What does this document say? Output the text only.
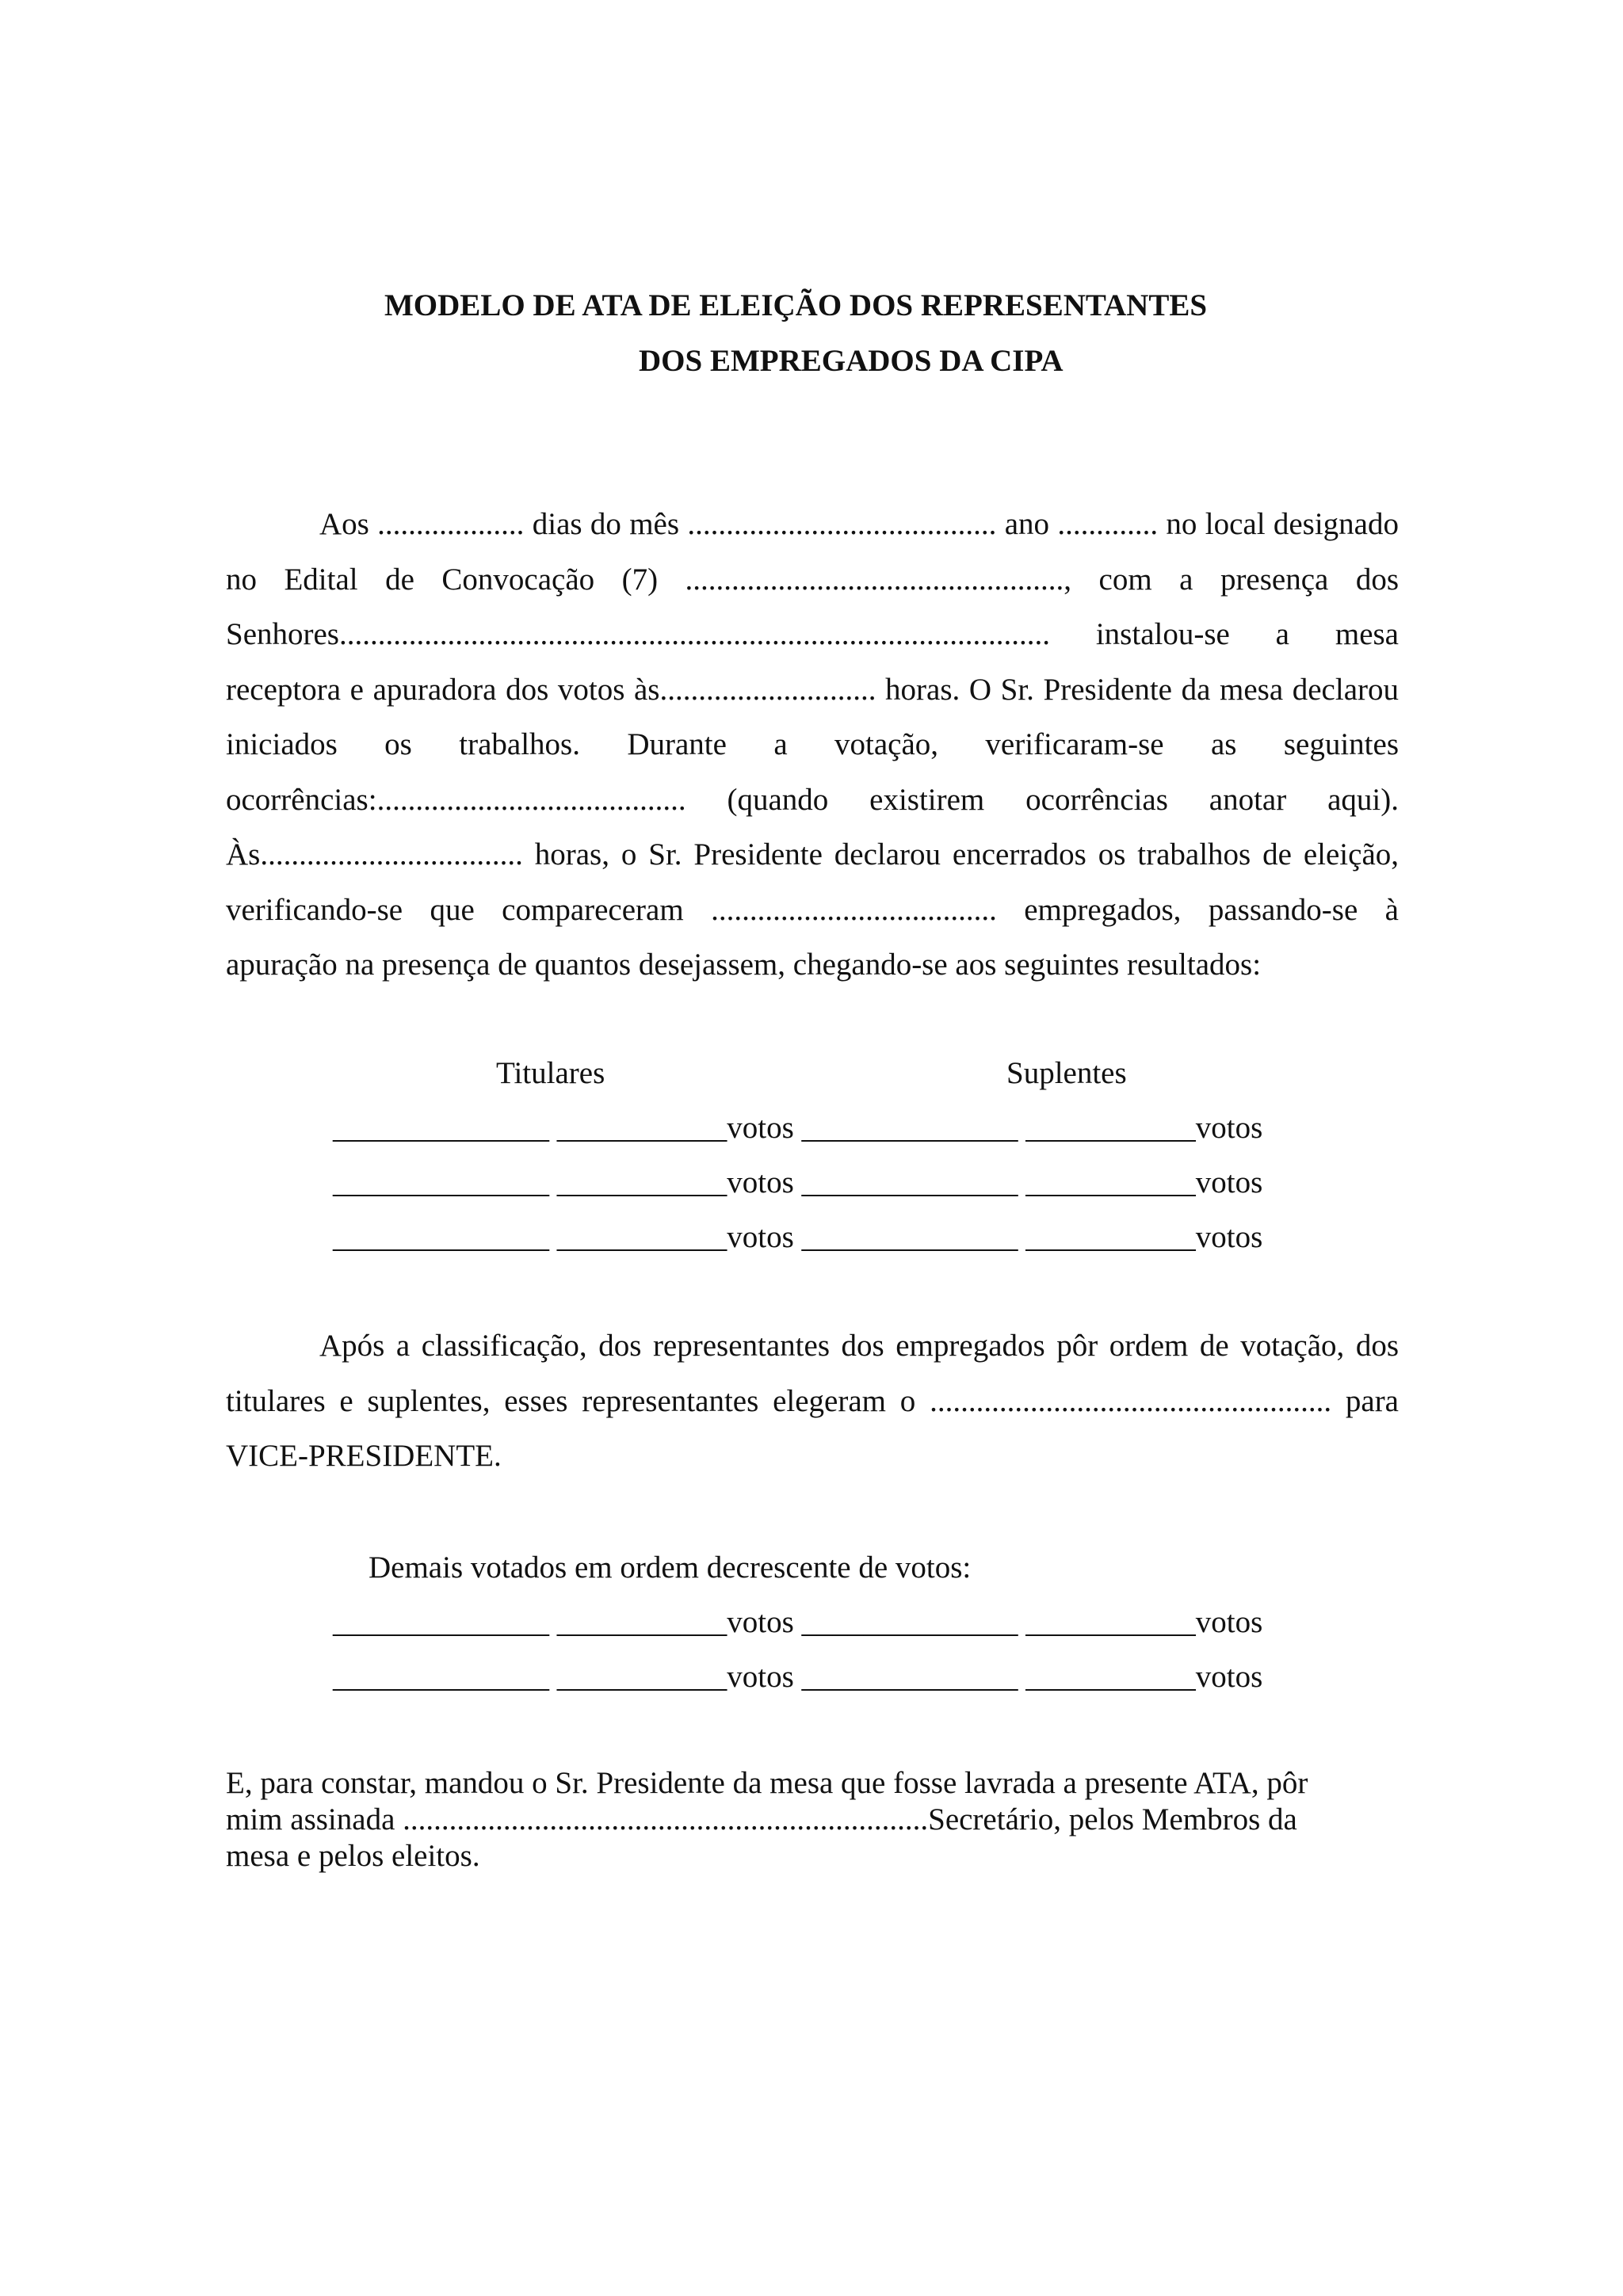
MODELO DE ATA DE ELEIÇÃO DOS REPRESENTANTES
DOS EMPREGADOS DA CIPA

Aos ................... dias do mês ........................................ ano ............. no local designado no Edital de Convocação (7) ................................................., com a presença dos Senhores............................................................................................ instalou-se a mesa receptora e apuradora dos votos às............................ horas. O Sr. Presidente da mesa declarou iniciados os trabalhos. Durante a votação, verificaram-se as seguintes ocorrências:........................................ (quando existirem ocorrências anotar aqui). Às.................................. horas, o Sr. Presidente declarou encerrados os trabalhos de eleição, verificando-se que compareceram ..................................... empregados, passando-se à apuração na presença de quantos desejassem, chegando-se aos seguintes resultados:

Titulares	Suplentes
______________ ___________votos ______________ ___________votos
______________ ___________votos ______________ ___________votos
______________ ___________votos ______________ ___________votos

Após a classificação, dos representantes dos empregados pôr ordem de votação, dos titulares e suplentes, esses representantes elegeram o .................................................... para VICE-PRESIDENTE.

Demais votados em ordem decrescente de votos:
______________ ___________votos ______________ ___________votos
______________ ___________votos ______________ ___________votos

E, para constar, mandou o Sr. Presidente da mesa que fosse lavrada a presente ATA, pôr

mim assinada ....................................................................Secretário, pelos Membros da

mesa e pelos eleitos.
